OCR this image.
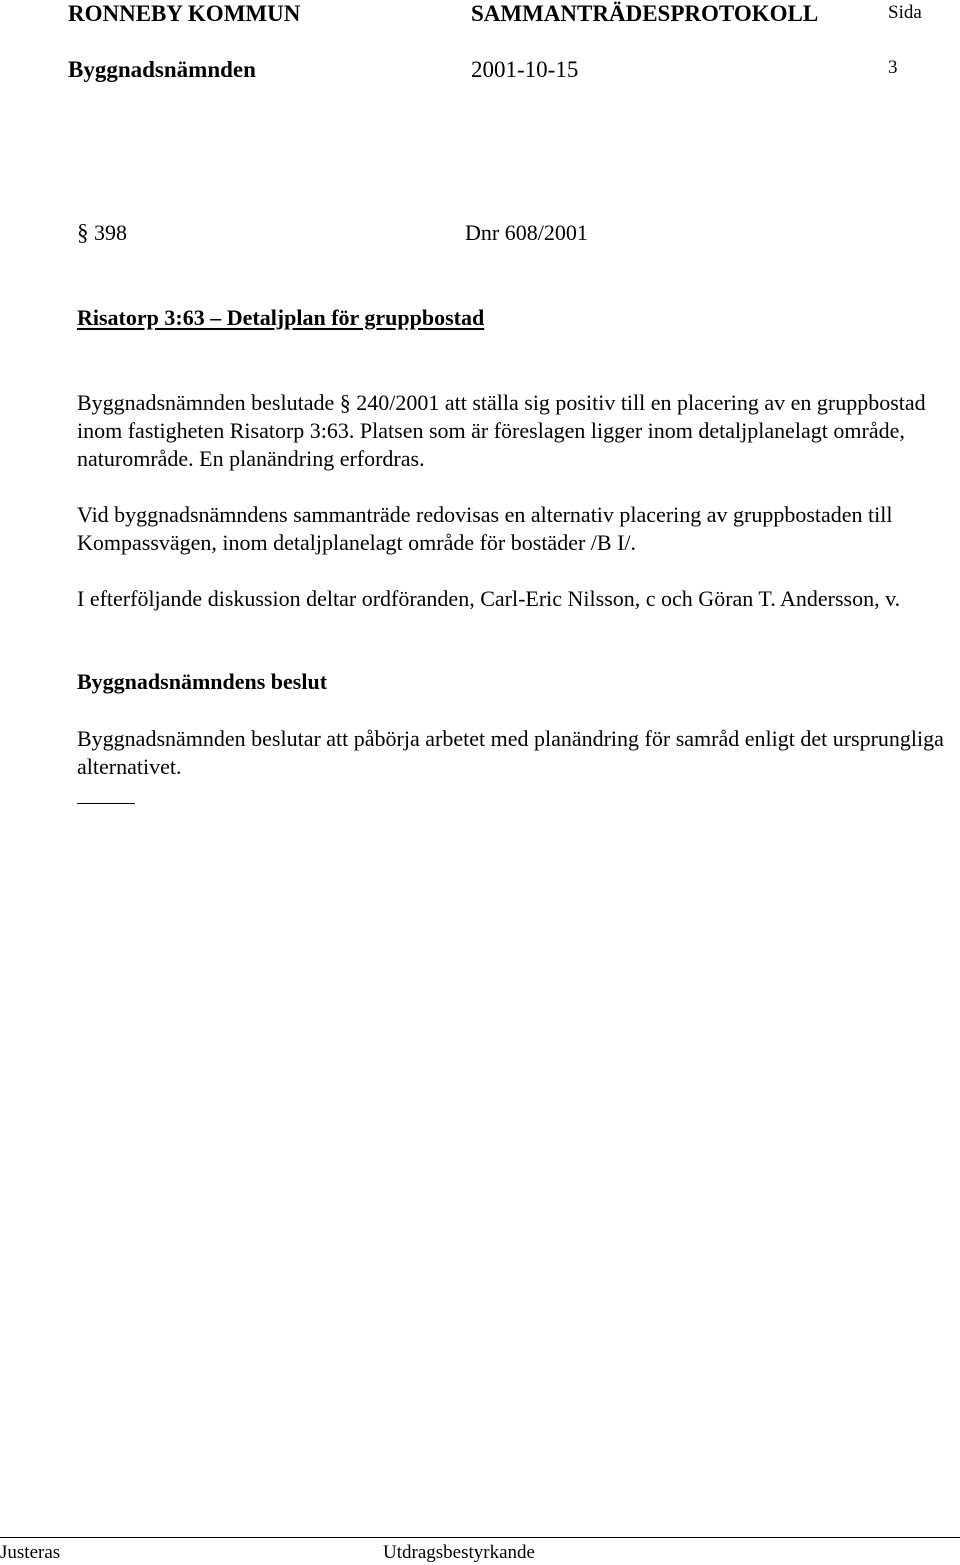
RONNEBY KOMMUN	SAMMANTRÄDESPROTOKOLL	Sida
Byggnadsnämnden	2001-10-15	3
§ 398	Dnr 608/2001
Risatorp 3:63 – Detaljplan för gruppbostad
Byggnadsnämnden beslutade § 240/2001 att ställa sig positiv till en placering av en gruppbostad inom fastigheten Risatorp 3:63. Platsen som är föreslagen ligger inom detaljplanelagt område, naturområde. En planändring erfordras.
Vid byggnadsnämndens sammanträde redovisas en alternativ placering av gruppbostaden till Kompassvägen, inom detaljplanelagt område för bostäder /B I/.
I efterföljande diskussion deltar ordföranden, Carl-Eric Nilsson, c och Göran T. Andersson, v.
Byggnadsnämndens beslut
Byggnadsnämnden beslutar att påbörja arbetet med planändring för samråd enligt det ursprungliga alternativet.
Justeras	Utdragsbestyrkande
